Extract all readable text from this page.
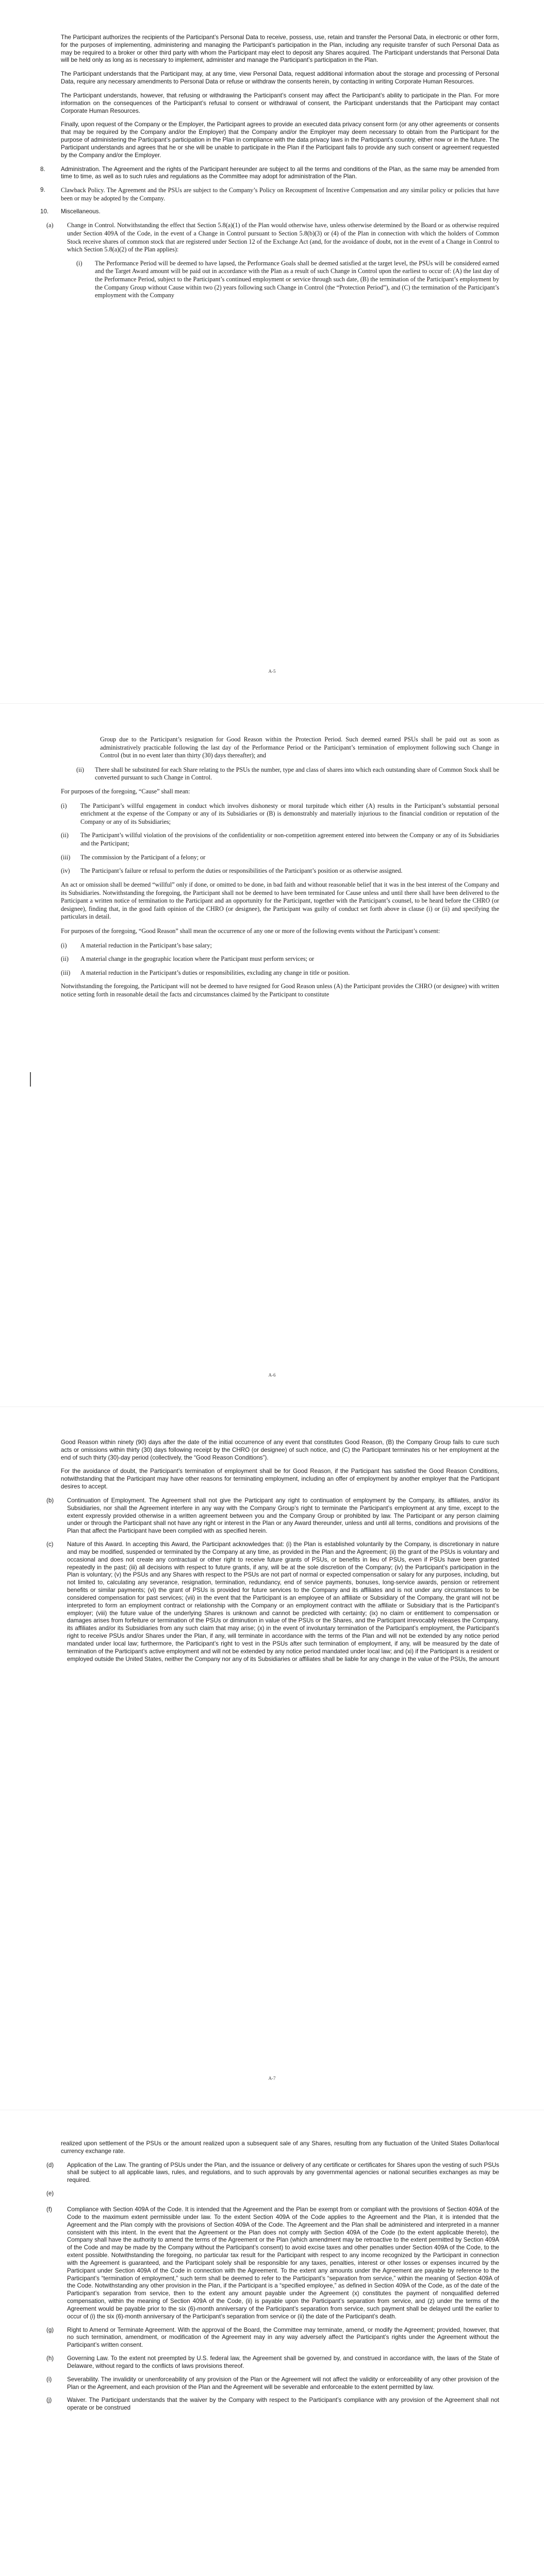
The Participant authorizes the recipients of the Participant’s Personal Data to receive, possess, use, retain and transfer the Personal Data, in electronic or other form, for the purposes of implementing, administering and managing the Participant’s participation in the Plan, including any requisite transfer of such Personal Data as may be required to a broker or other third party with whom the Participant may elect to deposit any Shares acquired. The Participant understands that Personal Data will be held only as long as is necessary to implement, administer and manage the Participant’s participation in the Plan.

The Participant understands that the Participant may, at any time, view Personal Data, request additional information about the storage and processing of Personal Data, require any necessary amendments to Personal Data or refuse or withdraw the consents herein, by contacting in writing Corporate Human Resources.

The Participant understands, however, that refusing or withdrawing the Participant’s consent may affect the Participant’s ability to participate in the Plan. For more information on the consequences of the Participant’s refusal to consent or withdrawal of consent, the Participant understands that the Participant may contact Corporate Human Resources.

Finally, upon request of the Company or the Employer, the Participant agrees to provide an executed data privacy consent form (or any other agreements or consents that may be required by the Company and/or the Employer) that the Company and/or the Employer may deem necessary to obtain from the Participant for the purpose of administering the Participant’s participation in the Plan in compliance with the data privacy laws in the Participant’s country, either now or in the future. The Participant understands and agrees that he or she will be unable to participate in the Plan if the Participant fails to provide any such consent or agreement requested by the Company and/or the Employer.

8.	Administration. The Agreement and the rights of the Participant hereunder are subject to all the terms and conditions of the Plan, as the same may be amended from time to time, as well as to such rules and regulations as the Committee may adopt for administration of the Plan.
9.	Clawback Policy. The Agreement and the PSUs are subject to the Company’s Policy on Recoupment of Incentive Compensation and any similar policy or policies that have been or may be adopted by the Company.
10.	Miscellaneous.
(a)	Change in Control. Notwithstanding the effect that Section 5.8(a)(1) of the Plan would otherwise have, unless otherwise determined by the Board or as otherwise required under Section 409A of the Code, in the event of a Change in Control pursuant to Section 5.8(b)(3) or (4) of the Plan in connection with which the holders of Common Stock receive shares of common stock that are registered under Section 12 of the Exchange Act (and, for the avoidance of doubt, not in the event of a Change in Control to which Section 5.8(a)(2) of the Plan applies):
(i)	The Performance Period will be deemed to have lapsed, the Performance Goals shall be deemed satisfied at the target level, the PSUs will be considered earned and the Target Award amount will be paid out in accordance with the Plan as a result of such Change in Control upon the earliest to occur of: (A) the last day of the Performance Period, subject to the Participant’s continued employment or service through such date, (B) the termination of the Participant’s employment by the Company Group without Cause within two (2) years following such Change in Control (the “Protection Period”), and (C) the termination of the Participant’s employment with the Company
A-5

Group due to the Participant’s resignation for Good Reason within the Protection Period. Such deemed earned PSUs shall be paid out as soon as administratively practicable following the last day of the Performance Period or the Participant’s termination of employment following such Change in Control (but in no event later than thirty (30) days thereafter); and

(ii)	There shall be substituted for each Share relating to the PSUs the number, type and class of shares into which each outstanding share of Common Stock shall be converted pursuant to such Change in Control.

For purposes of the foregoing, “Cause” shall mean:

(i)	The Participant’s willful engagement in conduct which involves dishonesty or moral turpitude which either (A) results in the Participant’s substantial personal enrichment at the expense of the Company or any of its Subsidiaries or (B) is demonstrably and materially injurious to the financial condition or reputation of the Company or any of its Subsidiaries;
(ii)	The Participant’s willful violation of the provisions of the confidentiality or non-competition agreement entered into between the Company or any of its Subsidiaries and the Participant;
(iii)	The commission by the Participant of a felony; or
(iv)	The Participant’s failure or refusal to perform the duties or responsibilities of the Participant’s position or as otherwise assigned.

An act or omission shall be deemed “willful” only if done, or omitted to be done, in bad faith and without reasonable belief that it was in the best interest of the Company and its Subsidiaries. Notwithstanding the foregoing, the Participant shall not be deemed to have been terminated for Cause unless and until there shall have been delivered to the Participant a written notice of termination to the Participant and an opportunity for the Participant, together with the Participant’s counsel, to be heard before the CHRO (or designee), finding that, in the good faith opinion of the CHRO (or designee), the Participant was guilty of conduct set forth above in clause (i) or (ii) and specifying the particulars in detail.

For purposes of the foregoing, “Good Reason” shall mean the occurrence of any one or more of the following events without the Participant’s consent:

(i)	A material reduction in the Participant’s base salary;
(ii)	A material change in the geographic location where the Participant must perform services; or
(iii)	A material reduction in the Participant’s duties or responsibilities, excluding any change in title or position.

Notwithstanding the foregoing, the Participant will not be deemed to have resigned for Good Reason unless (A) the Participant provides the CHRO (or designee) with written notice setting forth in reasonable detail the facts and circumstances claimed by the Participant to constitute

A-6

Good Reason within ninety (90) days after the date of the initial occurrence of any event that constitutes Good Reason, (B) the Company Group fails to cure such acts or omissions within thirty (30) days following receipt by the CHRO (or designee) of such notice, and (C) the Participant terminates his or her employment at the end of such thirty (30)-day period (collectively, the “Good Reason Conditions”).

For the avoidance of doubt, the Participant’s termination of employment shall be for Good Reason, if the Participant has satisfied the Good Reason Conditions, notwithstanding that the Participant may have other reasons for terminating employment, including an offer of employment by another employer that the Participant desires to accept.

(b)	Continuation of Employment. The Agreement shall not give the Participant any right to continuation of employment by the Company, its affiliates, and/or its Subsidiaries, nor shall the Agreement interfere in any way with the Company Group’s right to terminate the Participant’s employment at any time, except to the extent expressly provided otherwise in a written agreement between you and the Company Group or prohibited by law. The Participant or any person claiming under or through the Participant shall not have any right or interest in the Plan or any Award thereunder, unless and until all terms, conditions and provisions of the Plan that affect the Participant have been complied with as specified herein.
(c)	Nature of this Award. In accepting this Award, the Participant acknowledges that: (i) the Plan is established voluntarily by the Company, is discretionary in nature and may be modified, suspended or terminated by the Company at any time, as provided in the Plan and the Agreement; (ii) the grant of the PSUs is voluntary and occasional and does not create any contractual or other right to receive future grants of PSUs, or benefits in lieu of PSUs, even if PSUs have been granted repeatedly in the past; (iii) all decisions with respect to future grants, if any, will be at the sole discretion of the Company; (iv) the Participant’s participation in the Plan is voluntary; (v) the PSUs and any Shares with respect to the PSUs are not part of normal or expected compensation or salary for any purposes, including, but not limited to, calculating any severance, resignation, termination, redundancy, end of service payments, bonuses, long-service awards, pension or retirement benefits or similar payments; (vi) the grant of PSUs is provided for future services to the Company and its affiliates and is not under any circumstances to be considered compensation for past services; (vii) in the event that the Participant is an employee of an affiliate or Subsidiary of the Company, the grant will not be interpreted to form an employment contract or relationship with the Company or an employment contract with the affiliate or Subsidiary that is the Participant’s employer; (viii) the future value of the underlying Shares is unknown and cannot be predicted with certainty; (ix) no claim or entitlement to compensation or damages arises from forfeiture or termination of the PSUs or diminution in value of the PSUs or the Shares, and the Participant irrevocably releases the Company, its affiliates and/or its Subsidiaries from any such claim that may arise; (x) in the event of involuntary termination of the Participant’s employment, the Participant’s right to receive PSUs and/or Shares under the Plan, if any, will terminate in accordance with the terms of the Plan and will not be extended by any notice period mandated under local law; furthermore, the Participant’s right to vest in the PSUs after such termination of employment, if any, will be measured by the date of termination of the Participant’s active employment and will not be extended by any notice period mandated under local law; and (xi) if the Participant is a resident or employed outside the United States, neither the Company nor any of its Subsidiaries or affiliates shall be liable for any change in the value of the PSUs, the amount
A-7

realized upon settlement of the PSUs or the amount realized upon a subsequent sale of any Shares, resulting from any fluctuation of the United States Dollar/local currency exchange rate.

(d)	Application of the Law. The granting of PSUs under the Plan, and the issuance or delivery of any certificate or certificates for Shares upon the vesting of such PSUs shall be subject to all applicable laws, rules, and regulations, and to such approvals by any governmental agencies or national securities exchanges as may be required.
(e)
(f)	Compliance with Section 409A of the Code. It is intended that the Agreement and the Plan be exempt from or compliant with the provisions of Section 409A of the Code to the maximum extent permissible under law. To the extent Section 409A of the Code applies to the Agreement and the Plan, it is intended that the Agreement and the Plan comply with the provisions of Section 409A of the Code. The Agreement and the Plan shall be administered and interpreted in a manner consistent with this intent. In the event that the Agreement or the Plan does not comply with Section 409A of the Code (to the extent applicable thereto), the Company shall have the authority to amend the terms of the Agreement or the Plan (which amendment may be retroactive to the extent permitted by Section 409A of the Code and may be made by the Company without the Participant’s consent) to avoid excise taxes and other penalties under Section 409A of the Code, to the extent possible. Notwithstanding the foregoing, no particular tax result for the Participant with respect to any income recognized by the Participant in connection with the Agreement is guaranteed, and the Participant solely shall be responsible for any taxes, penalties, interest or other losses or expenses incurred by the Participant under Section 409A of the Code in connection with the Agreement. To the extent any amounts under the Agreement are payable by reference to the Participant’s “termination of employment,” such term shall be deemed to refer to the Participant’s “separation from service,” within the meaning of Section 409A of the Code. Notwithstanding any other provision in the Plan, if the Participant is a “specified employee,” as defined in Section 409A of the Code, as of the date of the Participant’s separation from service, then to the extent any amount payable under the Agreement (x) constitutes the payment of nonqualified deferred compensation, within the meaning of Section 409A of the Code, (ii) is payable upon the Participant’s separation from service, and (z) under the terms of the Agreement would be payable prior to the six (6)-month anniversary of the Participant’s separation from service, such payment shall be delayed until the earlier to occur of (i) the six (6)-month anniversary of the Participant’s separation from service or (ii) the date of the Participant’s death.
(g)	Right to Amend or Terminate Agreement. With the approval of the Board, the Committee may terminate, amend, or modify the Agreement; provided, however, that no such termination, amendment, or modification of the Agreement may in any way adversely affect the Participant’s rights under the Agreement without the Participant’s written consent.
(h)	Governing Law. To the extent not preempted by U.S. federal law, the Agreement shall be governed by, and construed in accordance with, the laws of the State of Delaware, without regard to the conflicts of laws provisions thereof.
(i)	Severability. The invalidity or unenforceability of any provision of the Plan or the Agreement will not affect the validity or enforceability of any other provision of the Plan or the Agreement, and each provision of the Plan and the Agreement will be severable and enforceable to the extent permitted by law.
(j)	Waiver. The Participant understands that the waiver by the Company with respect to the Participant’s compliance with any provision of the Agreement shall not operate or be construed
